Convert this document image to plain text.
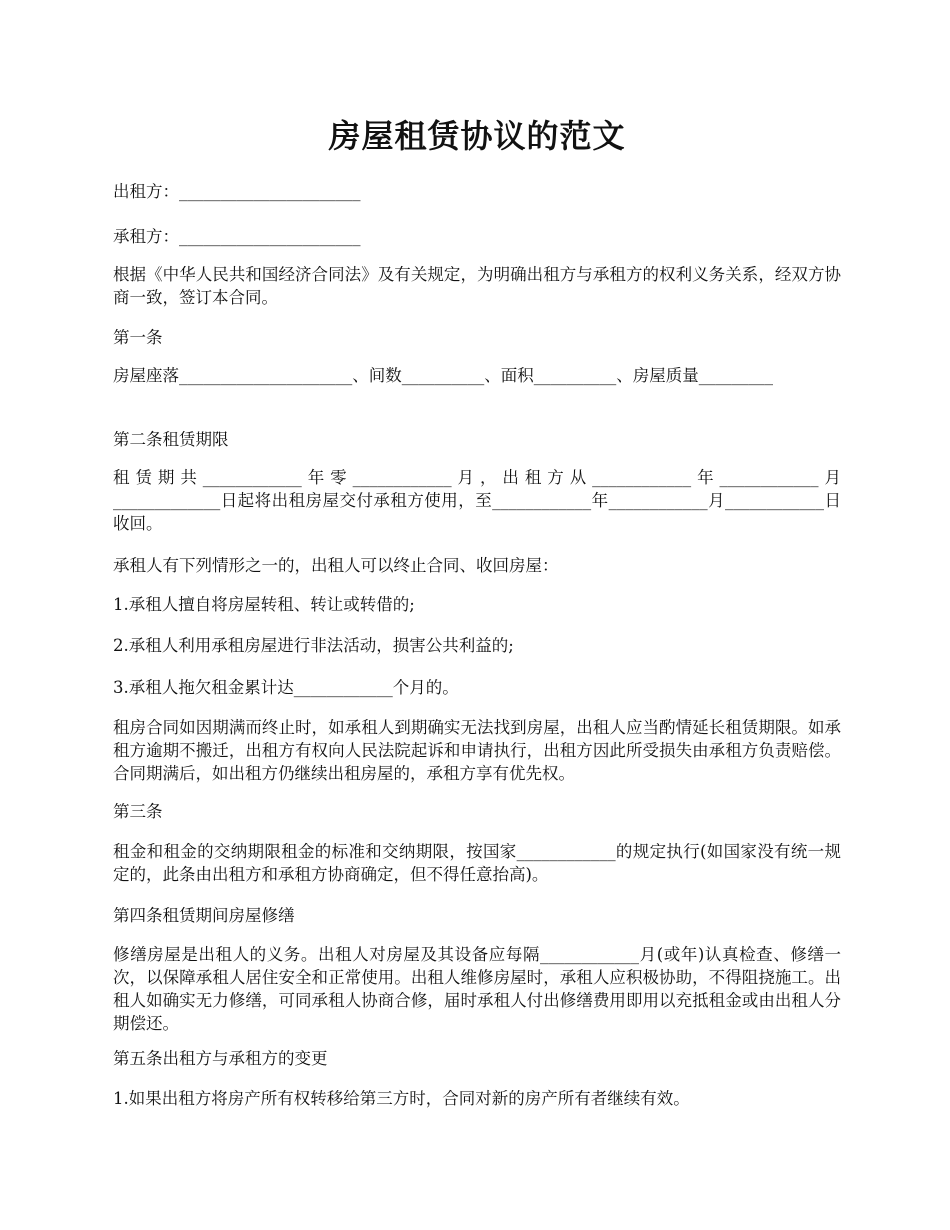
房屋租赁协议的范文

出租方：______________________

承租方：______________________

根据《中华人民共和国经济合同法》及有关规定，为明确出租方与承租方的权利义务关系，经双方协商一致，签订本合同。

第一条

房屋座落_____________________、间数__________、面积__________、房屋质量_________

第二条租赁期限

租赁期共____________年零____________月，出租方从____________年____________月_____________日起将出租房屋交付承租方使用，至____________年____________月____________日收回。

承租人有下列情形之一的，出租人可以终止合同、收回房屋：

1.承租人擅自将房屋转租、转让或转借的;

2.承租人利用承租房屋进行非法活动，损害公共利益的;

3.承租人拖欠租金累计达____________个月的。

租房合同如因期满而终止时，如承租人到期确实无法找到房屋，出租人应当酌情延长租赁期限。如承租方逾期不搬迁，出租方有权向人民法院起诉和申请执行，出租方因此所受损失由承租方负责赔偿。合同期满后，如出租方仍继续出租房屋的，承租方享有优先权。

第三条

租金和租金的交纳期限租金的标准和交纳期限，按国家____________的规定执行(如国家没有统一规定的，此条由出租方和承租方协商确定，但不得任意抬高)。

第四条租赁期间房屋修缮

修缮房屋是出租人的义务。出租人对房屋及其设备应每隔____________月(或年)认真检查、修缮一次，以保障承租人居住安全和正常使用。出租人维修房屋时，承租人应积极协助，不得阻挠施工。出租人如确实无力修缮，可同承租人协商合修，届时承租人付出修缮费用即用以充抵租金或由出租人分期偿还。

第五条出租方与承租方的变更

1.如果出租方将房产所有权转移给第三方时，合同对新的房产所有者继续有效。
